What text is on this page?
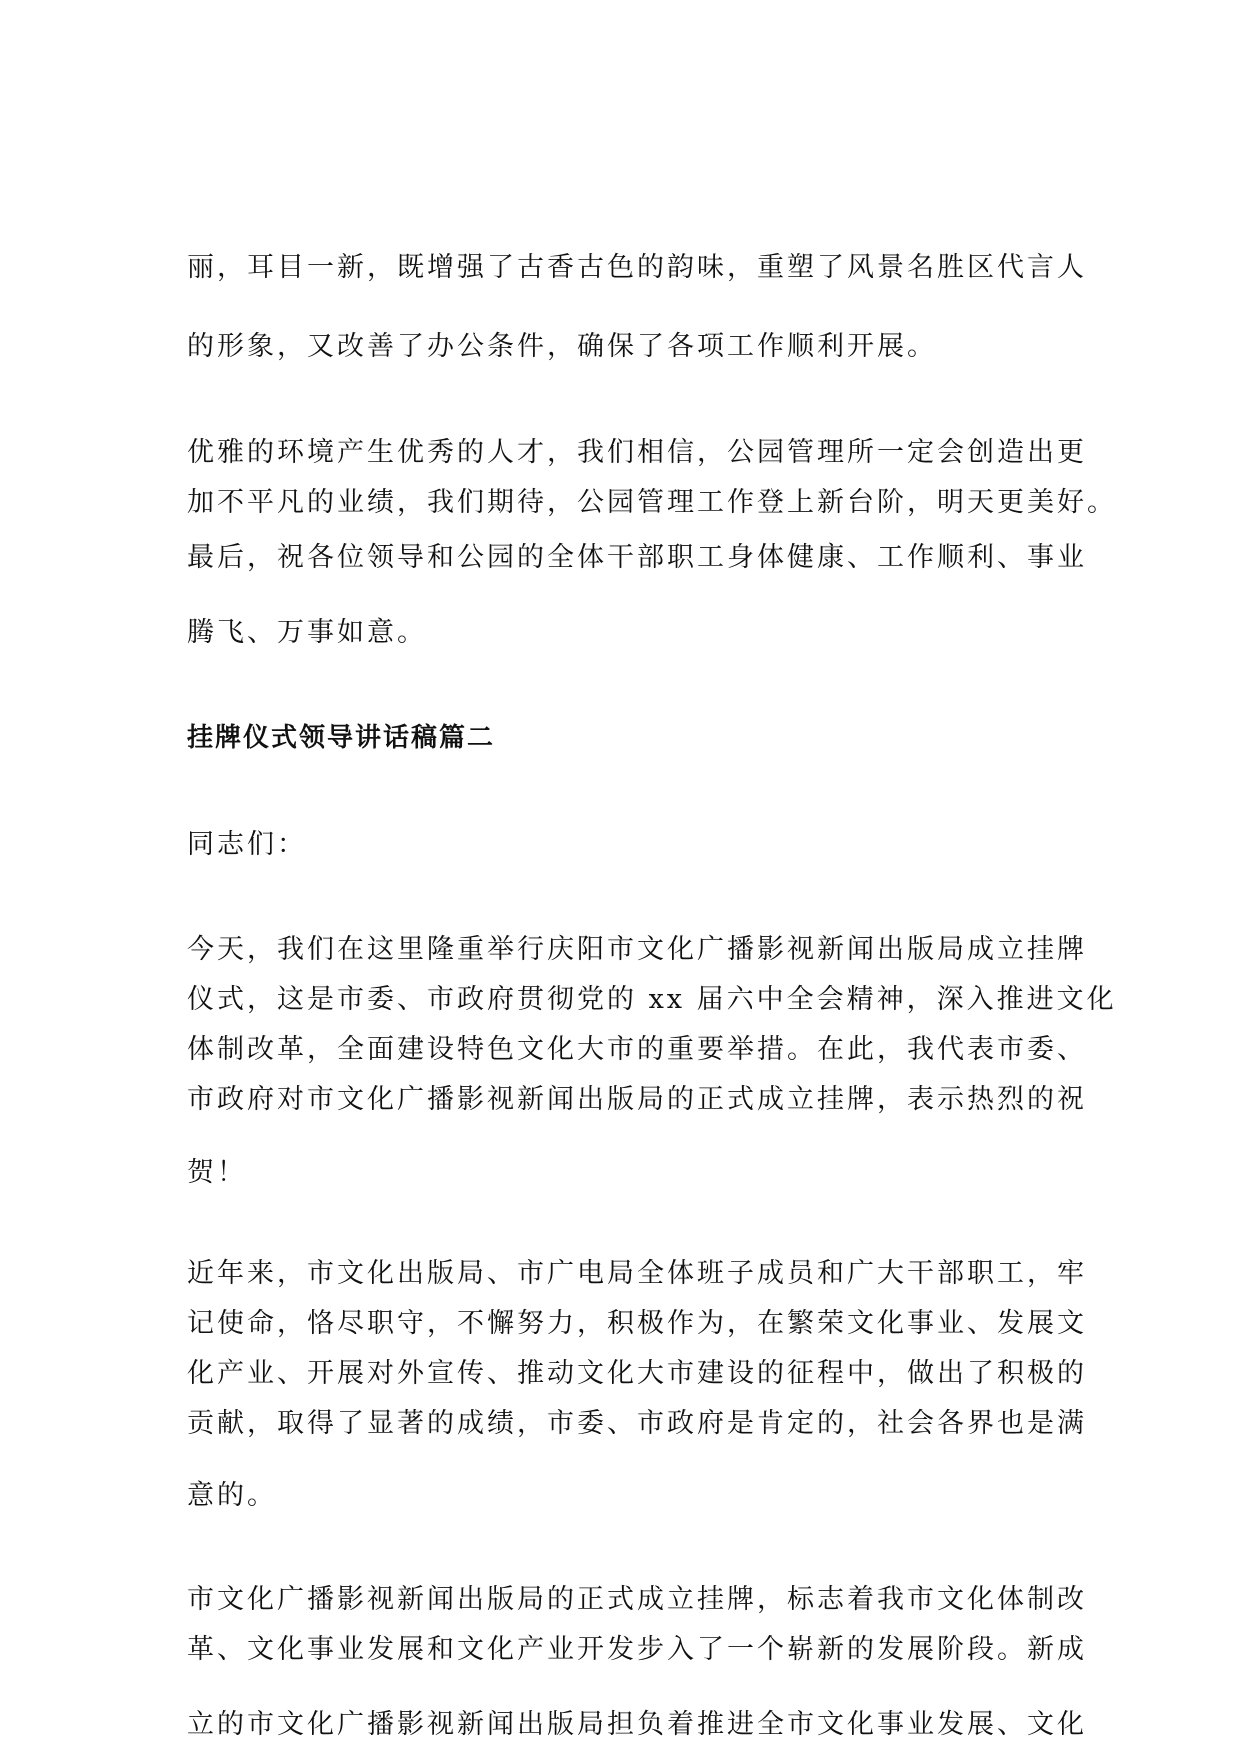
丽，耳目一新，既增强了古香古色的韵味，重塑了风景名胜区代言人
的形象，又改善了办公条件，确保了各项工作顺利开展。
优雅的环境产生优秀的人才，我们相信，公园管理所一定会创造出更
加不平凡的业绩，我们期待，公园管理工作登上新台阶，明天更美好。
最后，祝各位领导和公园的全体干部职工身体健康、工作顺利、事业
腾飞、万事如意。
挂牌仪式领导讲话稿篇二
同志们：
今天，我们在这里隆重举行庆阳市文化广播影视新闻出版局成立挂牌
仪式，这是市委、市政府贯彻党的 xx 届六中全会精神，深入推进文化
体制改革，全面建设特色文化大市的重要举措。在此，我代表市委、
市政府对市文化广播影视新闻出版局的正式成立挂牌，表示热烈的祝
贺！
近年来，市文化出版局、市广电局全体班子成员和广大干部职工，牢
记使命，恪尽职守，不懈努力，积极作为，在繁荣文化事业、发展文
化产业、开展对外宣传、推动文化大市建设的征程中，做出了积极的
贡献，取得了显著的成绩，市委、市政府是肯定的，社会各界也是满
意的。
市文化广播影视新闻出版局的正式成立挂牌，标志着我市文化体制改
革、文化事业发展和文化产业开发步入了一个崭新的发展阶段。新成
立的市文化广播影视新闻出版局担负着推进全市文化事业发展、文化
